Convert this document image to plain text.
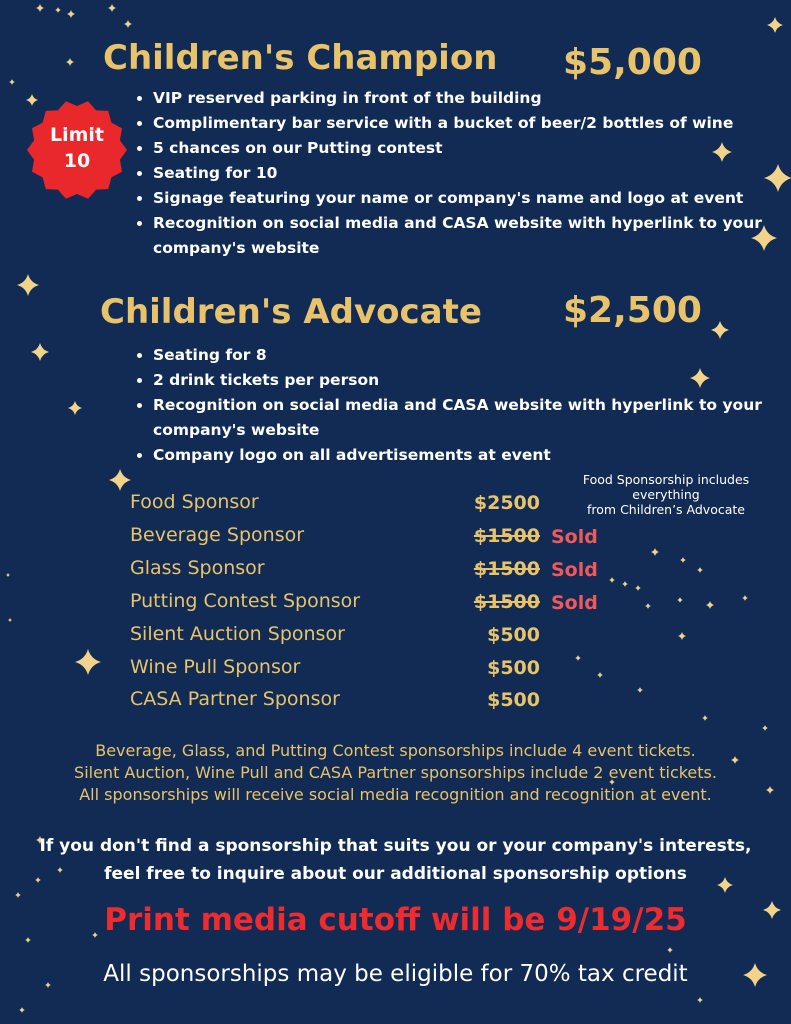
Children's Champion $5,000
Limit
10
• VIP reserved parking in front of the building
• Complimentary bar service with a bucket of beer/2 bottles of wine
• 5 chances on our Putting contest
• Seating for 10
• Signage featuring your name or company's name and logo at event
• Recognition on social media and CASA website with hyperlink to your company's website
Children's Advocate $2,500
• Seating for 8
• 2 drink tickets per person
• Recognition on social media and CASA website with hyperlink to your company's website
• Company logo on all advertisements at event
Food Sponsorship includes
everything
from Children’s Advocate
Food Sponsor	$2500
Beverage Sponsor	$1500 Sold
Glass Sponsor	$1500 Sold
Putting Contest Sponsor	$1500 Sold
Silent Auction Sponsor	$500
Wine Pull Sponsor	$500
CASA Partner Sponsor	$500
Beverage, Glass, and Putting Contest sponsorships include 4 event tickets.
Silent Auction, Wine Pull and CASA Partner sponsorships include 2 event tickets.
All sponsorships will receive social media recognition and recognition at event.
If you don't find a sponsorship that suits you or your company's interests,
feel free to inquire about our additional sponsorship options
Print media cutoff will be 9/19/25
All sponsorships may be eligible for 70% tax credit
